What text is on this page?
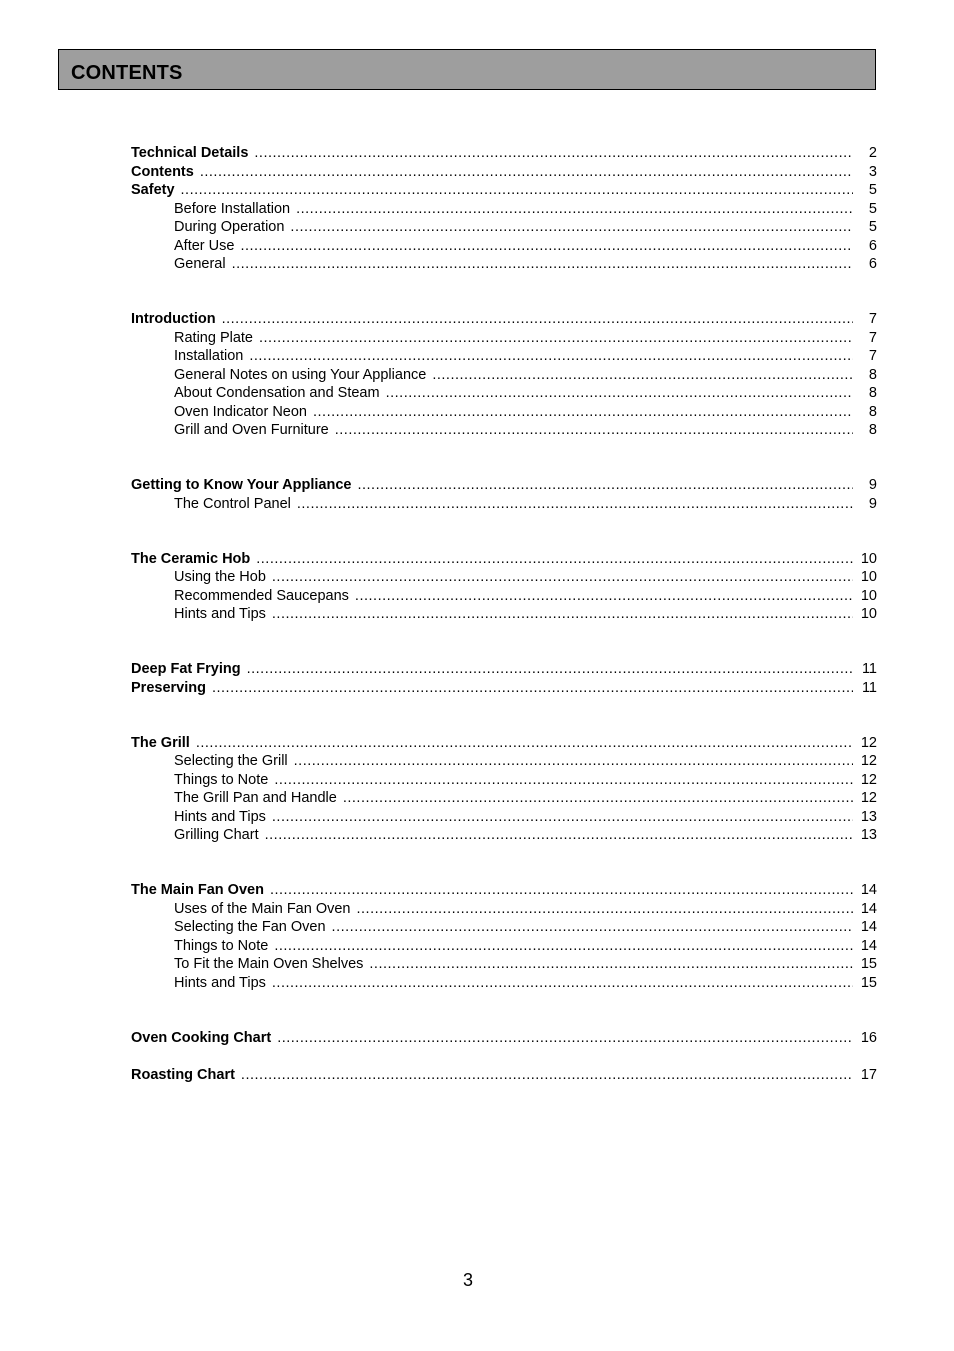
CONTENTS
Technical Details .....	2
Contents .....	3
Safety .....	5
Before Installation .....	5
During Operation .....	5
After Use .....	6
General .....	6
Introduction .....	7
Rating Plate .....	7
Installation .....	7
General Notes on using Your Appliance .....	8
About Condensation and Steam .....	8
Oven Indicator Neon .....	8
Grill and Oven Furniture .....	8
Getting to Know Your Appliance .....	9
The Control Panel .....	9
The Ceramic Hob .....	10
Using the Hob .....	10
Recommended Saucepans .....	10
Hints and Tips .....	10
Deep Fat Frying .....	11
Preserving .....	11
The Grill .....	12
Selecting the Grill .....	12
Things to Note .....	12
The Grill Pan and Handle .....	12
Hints and Tips .....	13
Grilling Chart .....	13
The Main Fan Oven .....	14
Uses of the Main Fan Oven .....	14
Selecting the Fan Oven .....	14
Things to Note .....	14
To Fit the Main Oven Shelves .....	15
Hints and Tips .....	15
Oven Cooking Chart .....	16
Roasting Chart .....	17
3
